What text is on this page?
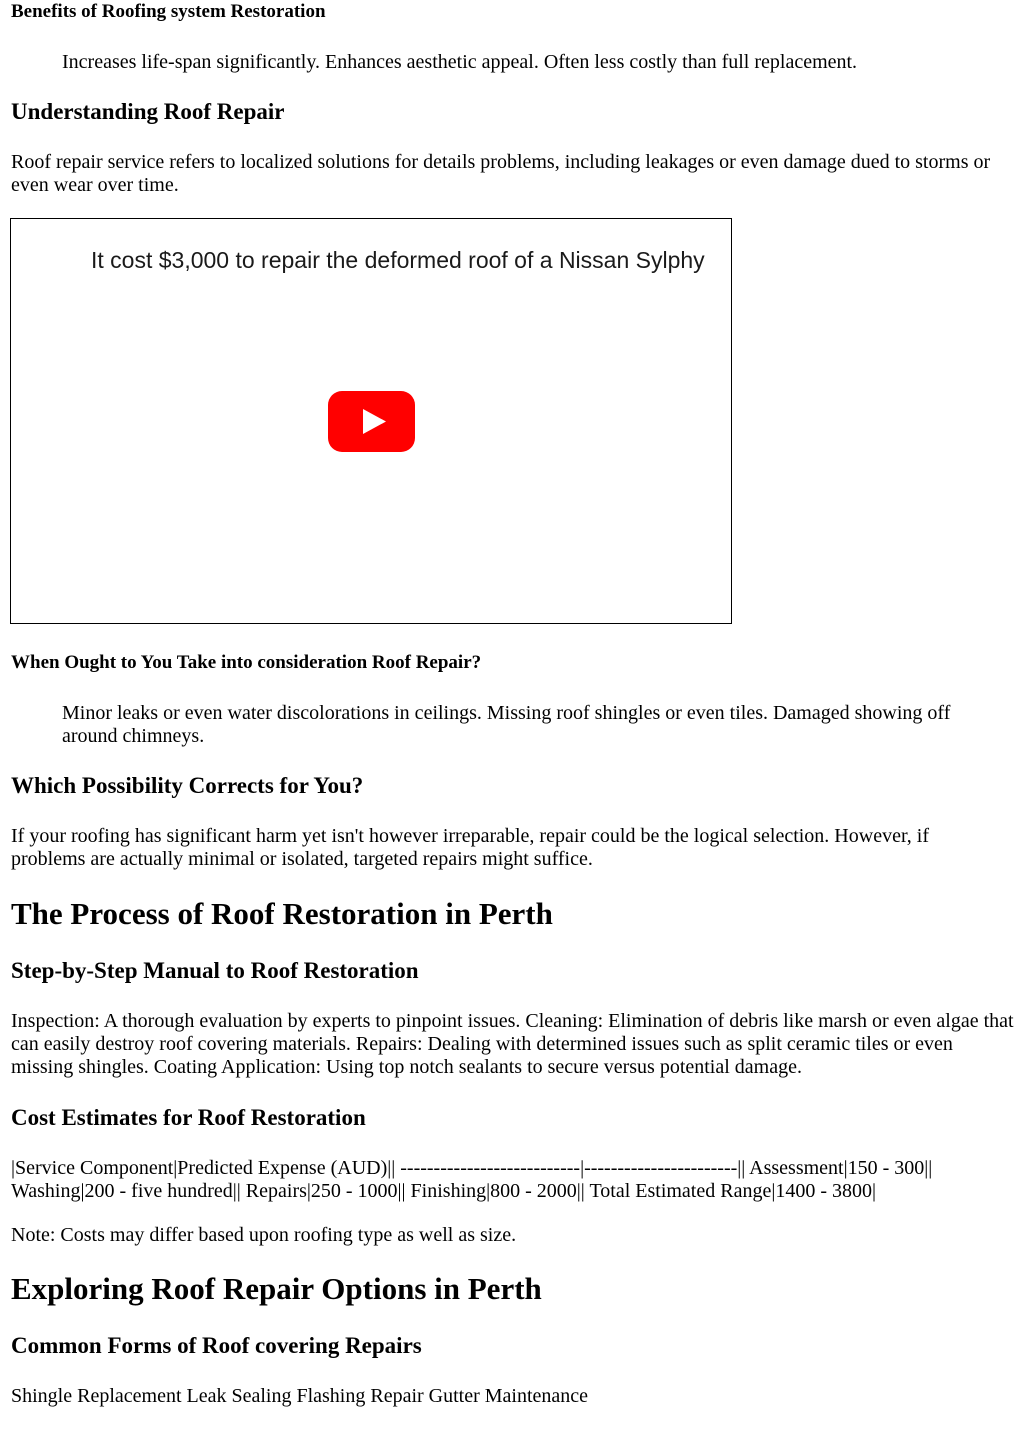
Benefits of Roofing system Restoration
Increases life-span significantly. Enhances aesthetic appeal. Often less costly than full replacement.
Understanding Roof Repair

Roof repair service refers to localized solutions for details problems, including leakages or even damage dued to storms or even wear over time.

It cost $3,000 to repair the deformed roof of a Nissan Sylphy
When Ought to You Take into consideration Roof Repair?
Minor leaks or even water discolorations in ceilings. Missing roof shingles or even tiles. Damaged showing off around chimneys.
Which Possibility Corrects for You?

If your roofing has significant harm yet isn't however irreparable, repair could be the logical selection. However, if problems are actually minimal or isolated, targeted repairs might suffice.

The Process of Roof Restoration in Perth
Step-by-Step Manual to Roof Restoration

Inspection: A thorough evaluation by experts to pinpoint issues. Cleaning: Elimination of debris like marsh or even algae that can easily destroy roof covering materials. Repairs: Dealing with determined issues such as split ceramic tiles or even missing shingles. Coating Application: Using top notch sealants to secure versus potential damage.

Cost Estimates for Roof Restoration

|Service Component|Predicted Expense (AUD)|| ---------------------------|-----------------------|| Assessment|150 - 300|| Washing|200 - five hundred|| Repairs|250 - 1000|| Finishing|800 - 2000|| Total Estimated Range|1400 - 3800|

Note: Costs may differ based upon roofing type as well as size.

Exploring Roof Repair Options in Perth
Common Forms of Roof covering Repairs

Shingle Replacement Leak Sealing Flashing Repair Gutter Maintenance
